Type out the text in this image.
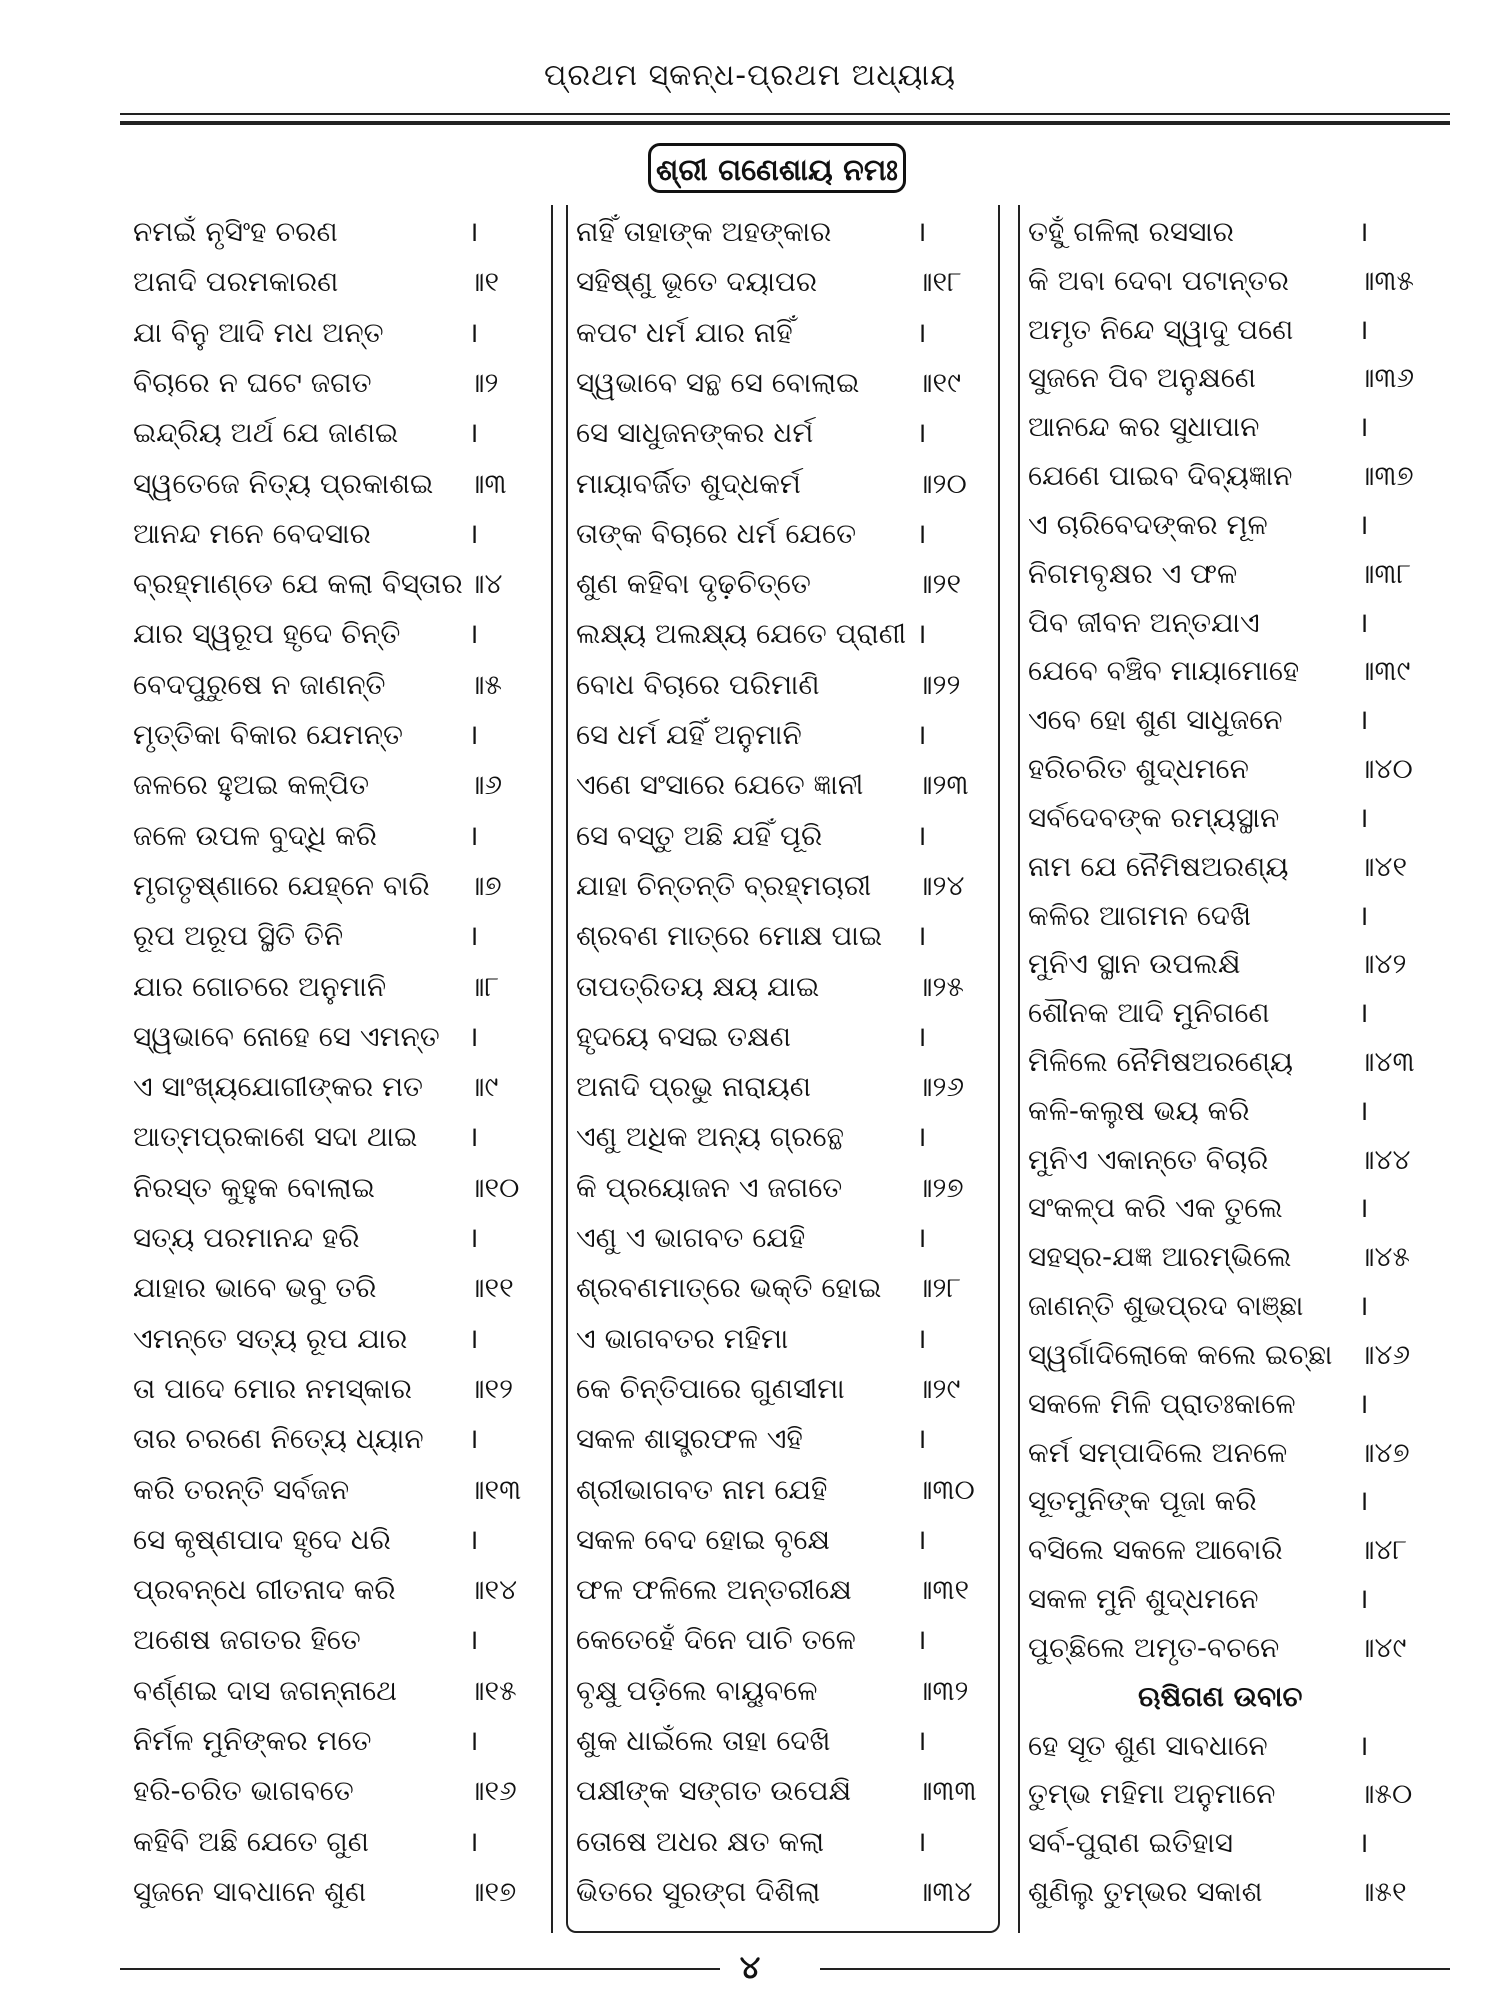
ପ୍ରଥମ ସ୍କନ୍ଧ-ପ୍ରଥମ ଅଧ୍ୟାୟ
ଶ୍ରୀ ଗଣେଶାୟ ନମଃ
ନମଇଁ ନୃସିଂହ ଚରଣ	।
ଅନାଦି ପରମକାରଣ	॥୧
ଯା ବିନୁ ଆଦି ମଧ ଅନ୍ତ	।
ବିଚାରେ ନ ଘଟେ ଜଗତ	॥୨
ଇନ୍ଦ୍ରିୟ ଅର୍ଥ ଯେ ଜାଣଇ ।
ସ୍ୱତେଜେ ନିତ୍ୟ ପ୍ରକାଶଇ ॥୩
ଆନନ୍ଦ ମନେ ବେଦସାର	।
ବ୍ରହ୍ମାଣ୍ଡେ ଯେ କଲା ବିସ୍ତାର ॥୪
ଯାର ସ୍ୱରୂପ ହୃଦେ ଚିନ୍ତି ।
ବେଦପୁରୁଷେ ନ ଜାଣନ୍ତି	॥୫
ମୃତ୍ତିକା ବିକାର ଯେମନ୍ତ ।
ଜଳରେ ହୁଅଇ କଳ୍ପିତ	॥୬
ଜଳେ ଉପଳ ବୁଦ୍ଧି କରି	।
ମୃଗତୃଷ୍ଣାରେ ଯେହ୍ନେ ବାରି ॥୭
ରୂପ ଅରୂପ ସ୍ଥିତି ତିନି	।
ଯାର ଗୋଚରେ ଅନୁମାନି	॥୮
ସ୍ୱଭାବେ ନୋହେ ସେ ଏମନ୍ତ ।
ଏ ସାଂଖ୍ୟଯୋଗୀଙ୍କର ମତ ॥୯
ଆତ୍ମପ୍ରକାଶେ ସଦା ଥାଇ ।
ନିରସ୍ତ କୁହୁକ ବୋଲାଇ	॥୧୦
ସତ୍ୟ ପରମାନନ୍ଦ ହରି	।
ଯାହାର ଭାବେ ଭବୁ ତରି	॥୧୧
ଏମନ୍ତେ ସତ୍ୟ ରୂପ ଯାର ।
ତା ପାଦେ ମୋର ନମସ୍କାର ॥୧୨
ତାର ଚରଣେ ନିତ୍ୟେ ଧ୍ୟାନ ।
କରି ତରନ୍ତି ସର୍ବଜନ	॥୧୩
ସେ କୃଷ୍ଣପାଦ ହୃଦେ ଧରି	।
ପ୍ରବନ୍ଧେ ଗୀତନାଦ କରି	॥୧୪
ଅଶେଷ ଜଗତର ହିତେ	।
ବର୍ଣ୍ଣଇ ଦାସ ଜଗନ୍ନାଥେ	॥୧୫
ନିର୍ମଳ ମୁନିଙ୍କର ମତେ	।
ହରି-ଚରିତ ଭାଗବତେ	॥୧୬
କହିବି ଅଛି ଯେତେ ଗୁଣ	।
ସୁଜନେ ସାବଧାନେ ଶୁଣ	॥୧୭
ନାହିଁ ତାହାଙ୍କ ଅହଙ୍କାର	।
ସହିଷ୍ଣୁ ଭୂତେ ଦୟାପର	॥୧୮
କପଟ ଧର୍ମ ଯାର ନାହିଁ	।
ସ୍ୱଭାବେ ସନ୍ଥ ସେ ବୋଲାଇ ॥୧୯
ସେ ସାଧୁଜନଙ୍କର ଧର୍ମ	।
ମାୟାବର୍ଜିତ ଶୁଦ୍ଧକର୍ମ	॥୨୦
ତାଙ୍କ ବିଚାରେ ଧର୍ମ ଯେତେ ।
ଶୁଣ କହିବା ଦୃଢ଼ଚିତ୍ତେ	॥୨୧
ଲକ୍ଷ୍ୟ ଅଲକ୍ଷ୍ୟ ଯେତେ ପ୍ରାଣୀ ।
ବୋଧ ବିଚାରେ ପରିମାଣି	॥୨୨
ସେ ଧର୍ମ ଯହିଁ ଅନୁମାନି	।
ଏଣେ ସଂସାରେ ଯେତେ ଜ୍ଞାନୀ ॥୨୩
ସେ ବସ୍ତୁ ଅଛି ଯହିଁ ପୂରି	।
ଯାହା ଚିନ୍ତନ୍ତି ବ୍ରହ୍ମଚାରୀ ॥୨୪
ଶ୍ରବଣ ମାତ୍ରେ ମୋକ୍ଷ ପାଇ ।
ତାପତ୍ରିତୟ କ୍ଷୟ ଯାଇ	॥୨୫
ହୃଦୟେ ବସଇ ତକ୍ଷଣ	।
ଅନାଦି ପ୍ରଭୁ ନାରାୟଣ	॥୨୬
ଏଣୁ ଅଧିକ ଅନ୍ୟ ଗ୍ରନ୍ଥେ	।
କି ପ୍ରୟୋଜନ ଏ ଜଗତେ	॥୨୭
ଏଣୁ ଏ ଭାଗବତ ଯେହି	।
ଶ୍ରବଣମାତ୍ରେ ଭକ୍ତି ହୋଇ ॥୨୮
ଏ ଭାଗବତର ମହିମା	।
କେ ଚିନ୍ତିପାରେ ଗୁଣସୀମା	॥୨୯
ସକଳ ଶାସ୍ତ୍ରଫଳ ଏହି	।
ଶ୍ରୀଭାଗବତ ନାମ ଯେହି	॥୩୦
ସକଳ ବେଦ ହୋଇ ବୃକ୍ଷେ	।
ଫଳ ଫଳିଲେ ଅନ୍ତରୀକ୍ଷେ ॥୩୧
କେତେହେଁ ଦିନେ ପାଚି ତଳେ ।
ବୃକ୍ଷୁ ପଡ଼ିଲେ ବାୟୁବଳେ	॥୩୨
ଶୁକ ଧାଇଁଲେ ତାହା ଦେଖି	।
ପକ୍ଷୀଙ୍କ ସଙ୍ଗତ ଉପେକ୍ଷି ॥୩୩
ତୋଷେ ଅଧର କ୍ଷତ କଲା	।
ଭିତରେ ସୁରଙ୍ଗ ଦିଶିଲା	॥୩୪
ତହୁଁ ଗଳିଲା ରସସାର	।
କି ଅବା ଦେବା ପଟାନ୍ତର ॥୩୫
ଅମୃତ ନିନ୍ଦେ ସ୍ୱାଦୁ ପଣେ ।
ସୁଜନେ ପିବ ଅନୁକ୍ଷଣେ	॥୩୬
ଆନନ୍ଦେ କର ସୁଧାପାନ	।
ଯେଣେ ପାଇବ ଦିବ୍ୟଜ୍ଞାନ ॥୩୭
ଏ ଚାରିବେଦଙ୍କର ମୂଳ	।
ନିଗମବୃକ୍ଷର ଏ ଫଳ	॥୩୮
ପିବ ଜୀବନ ଅନ୍ତଯାଏ	।
ଯେବେ ବଞ୍ଚିବ ମାୟାମୋହେ ॥୩୯
ଏବେ ହୋ ଶୁଣ ସାଧୁଜନେ	।
ହରିଚରିତ ଶୁଦ୍ଧମନେ	॥୪୦
ସର୍ବଦେବଙ୍କ ରମ୍ୟସ୍ଥାନ	।
ନାମ ଯେ ନୈମିଷଅରଣ୍ୟ ॥୪୧
କଳିର ଆଗମନ ଦେଖି	।
ମୁନିଏ ସ୍ଥାନ ଉପଲକ୍ଷି	॥୪୨
ଶୌନକ ଆଦି ମୁନିଗଣେ	।
ମିଳିଲେ ନୈମିଷଅରଣ୍ୟେ ॥୪୩
କଳି-କଲୁଷ ଭୟ କରି	।
ମୁନିଏ ଏକାନ୍ତେ ବିଚାରି	॥୪୪
ସଂକଳ୍ପ କରି ଏକ ତୁଲେ	।
ସହସ୍ର-ଯଜ୍ଞ ଆରମ୍ଭିଲେ ॥୪୫
ଜାଣନ୍ତି ଶୁଭପ୍ରଦ ବାଞ୍ଛା ।
ସ୍ୱର୍ଗାଦିଲୋକେ କଲେ ଇଚ୍ଛା ॥୪୬
ସକଳେ ମିଳି ପ୍ରାତଃକାଳେ ।
କର୍ମ ସମ୍ପାଦିଲେ ଅନଳେ	॥୪୭
ସୂତମୁନିଙ୍କ ପୂଜା କରି	।
ବସିଲେ ସକଳେ ଆବୋରି	॥୪୮
ସକଳ ମୁନି ଶୁଦ୍ଧମନେ	।
ପୁଚ୍ଛିଲେ ଅମୃତ-ବଚନେ	॥୪୯
ଋଷିଗଣ ଉବାଚ
ହେ ସୂତ ଶୁଣ ସାବଧାନେ	।
ତୁମ୍ଭ ମହିମା ଅନୁମାନେ	॥୫୦
ସର୍ବ-ପୁରାଣ ଇତିହାସ	।
ଶୁଣିଲୁ ତୁମ୍ଭର ସକାଶ	॥୫୧
୪
